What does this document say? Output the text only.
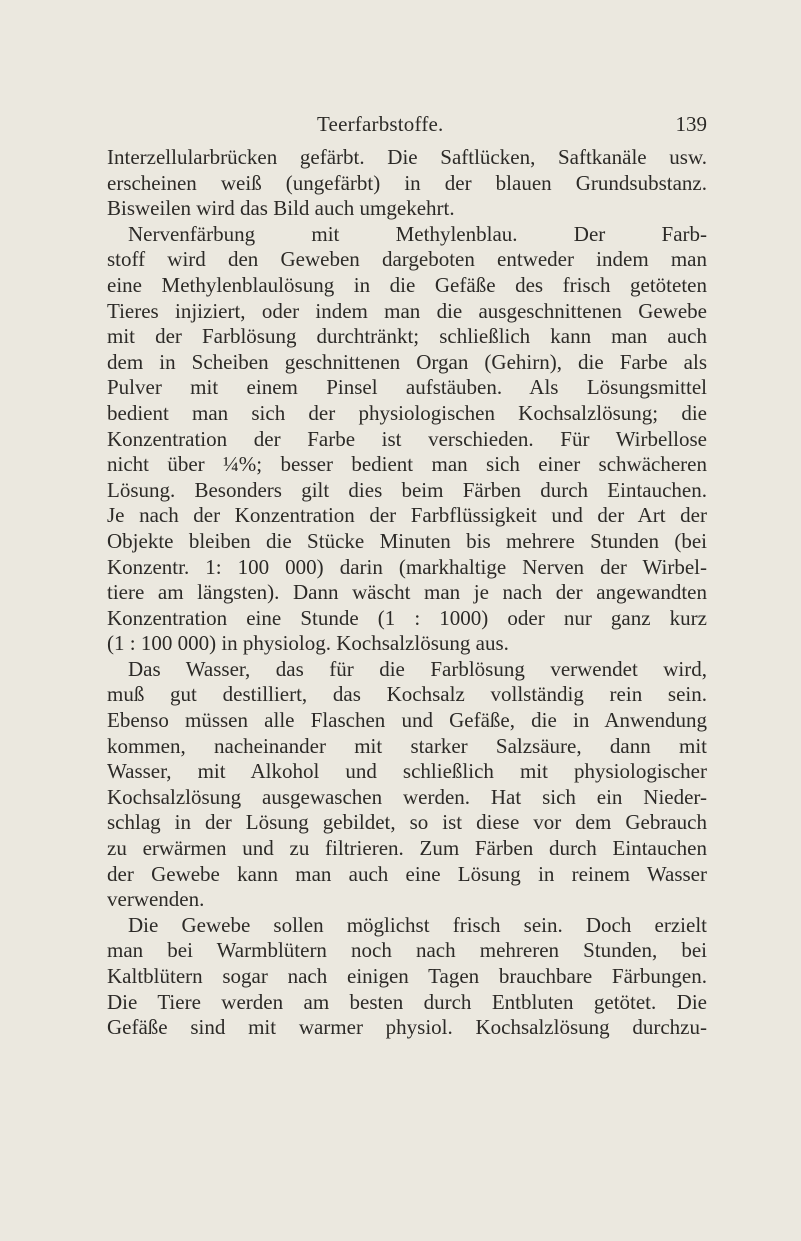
Teerfarbstoffe.	139
Interzellularbrücken gefärbt. Die Saftlücken, Saftkanäle usw.
erscheinen weiß (ungefärbt) in der blauen Grundsubstanz.
Bisweilen wird das Bild auch umgekehrt.
Nervenfärbung mit Methylenblau. Der Farb-
stoff wird den Geweben dargeboten entweder indem man
eine Methylenblaulösung in die Gefäße des frisch getöteten
Tieres injiziert, oder indem man die ausgeschnittenen Gewebe
mit der Farblösung durchtränkt; schließlich kann man auch
dem in Scheiben geschnittenen Organ (Gehirn), die Farbe als
Pulver mit einem Pinsel aufstäuben. Als Lösungsmittel
bedient man sich der physiologischen Kochsalzlösung; die
Konzentration der Farbe ist verschieden. Für Wirbellose
nicht über ¼%; besser bedient man sich einer schwächeren
Lösung. Besonders gilt dies beim Färben durch Eintauchen.
Je nach der Konzentration der Farbflüssigkeit und der Art der
Objekte bleiben die Stücke Minuten bis mehrere Stunden (bei
Konzentr. 1: 100 000) darin (markhaltige Nerven der Wirbel-
tiere am längsten). Dann wäscht man je nach der angewandten
Konzentration eine Stunde (1 : 1000) oder nur ganz kurz
(1 : 100 000) in physiolog. Kochsalzlösung aus.
Das Wasser, das für die Farblösung verwendet wird,
muß gut destilliert, das Kochsalz vollständig rein sein.
Ebenso müssen alle Flaschen und Gefäße, die in Anwendung
kommen, nacheinander mit starker Salzsäure, dann mit
Wasser, mit Alkohol und schließlich mit physiologischer
Kochsalzlösung ausgewaschen werden. Hat sich ein Nieder-
schlag in der Lösung gebildet, so ist diese vor dem Gebrauch
zu erwärmen und zu filtrieren. Zum Färben durch Eintauchen
der Gewebe kann man auch eine Lösung in reinem Wasser
verwenden.
Die Gewebe sollen möglichst frisch sein. Doch erzielt
man bei Warmblütern noch nach mehreren Stunden, bei
Kaltblütern sogar nach einigen Tagen brauchbare Färbungen.
Die Tiere werden am besten durch Entbluten getötet. Die
Gefäße sind mit warmer physiol. Kochsalzlösung durchzu-
